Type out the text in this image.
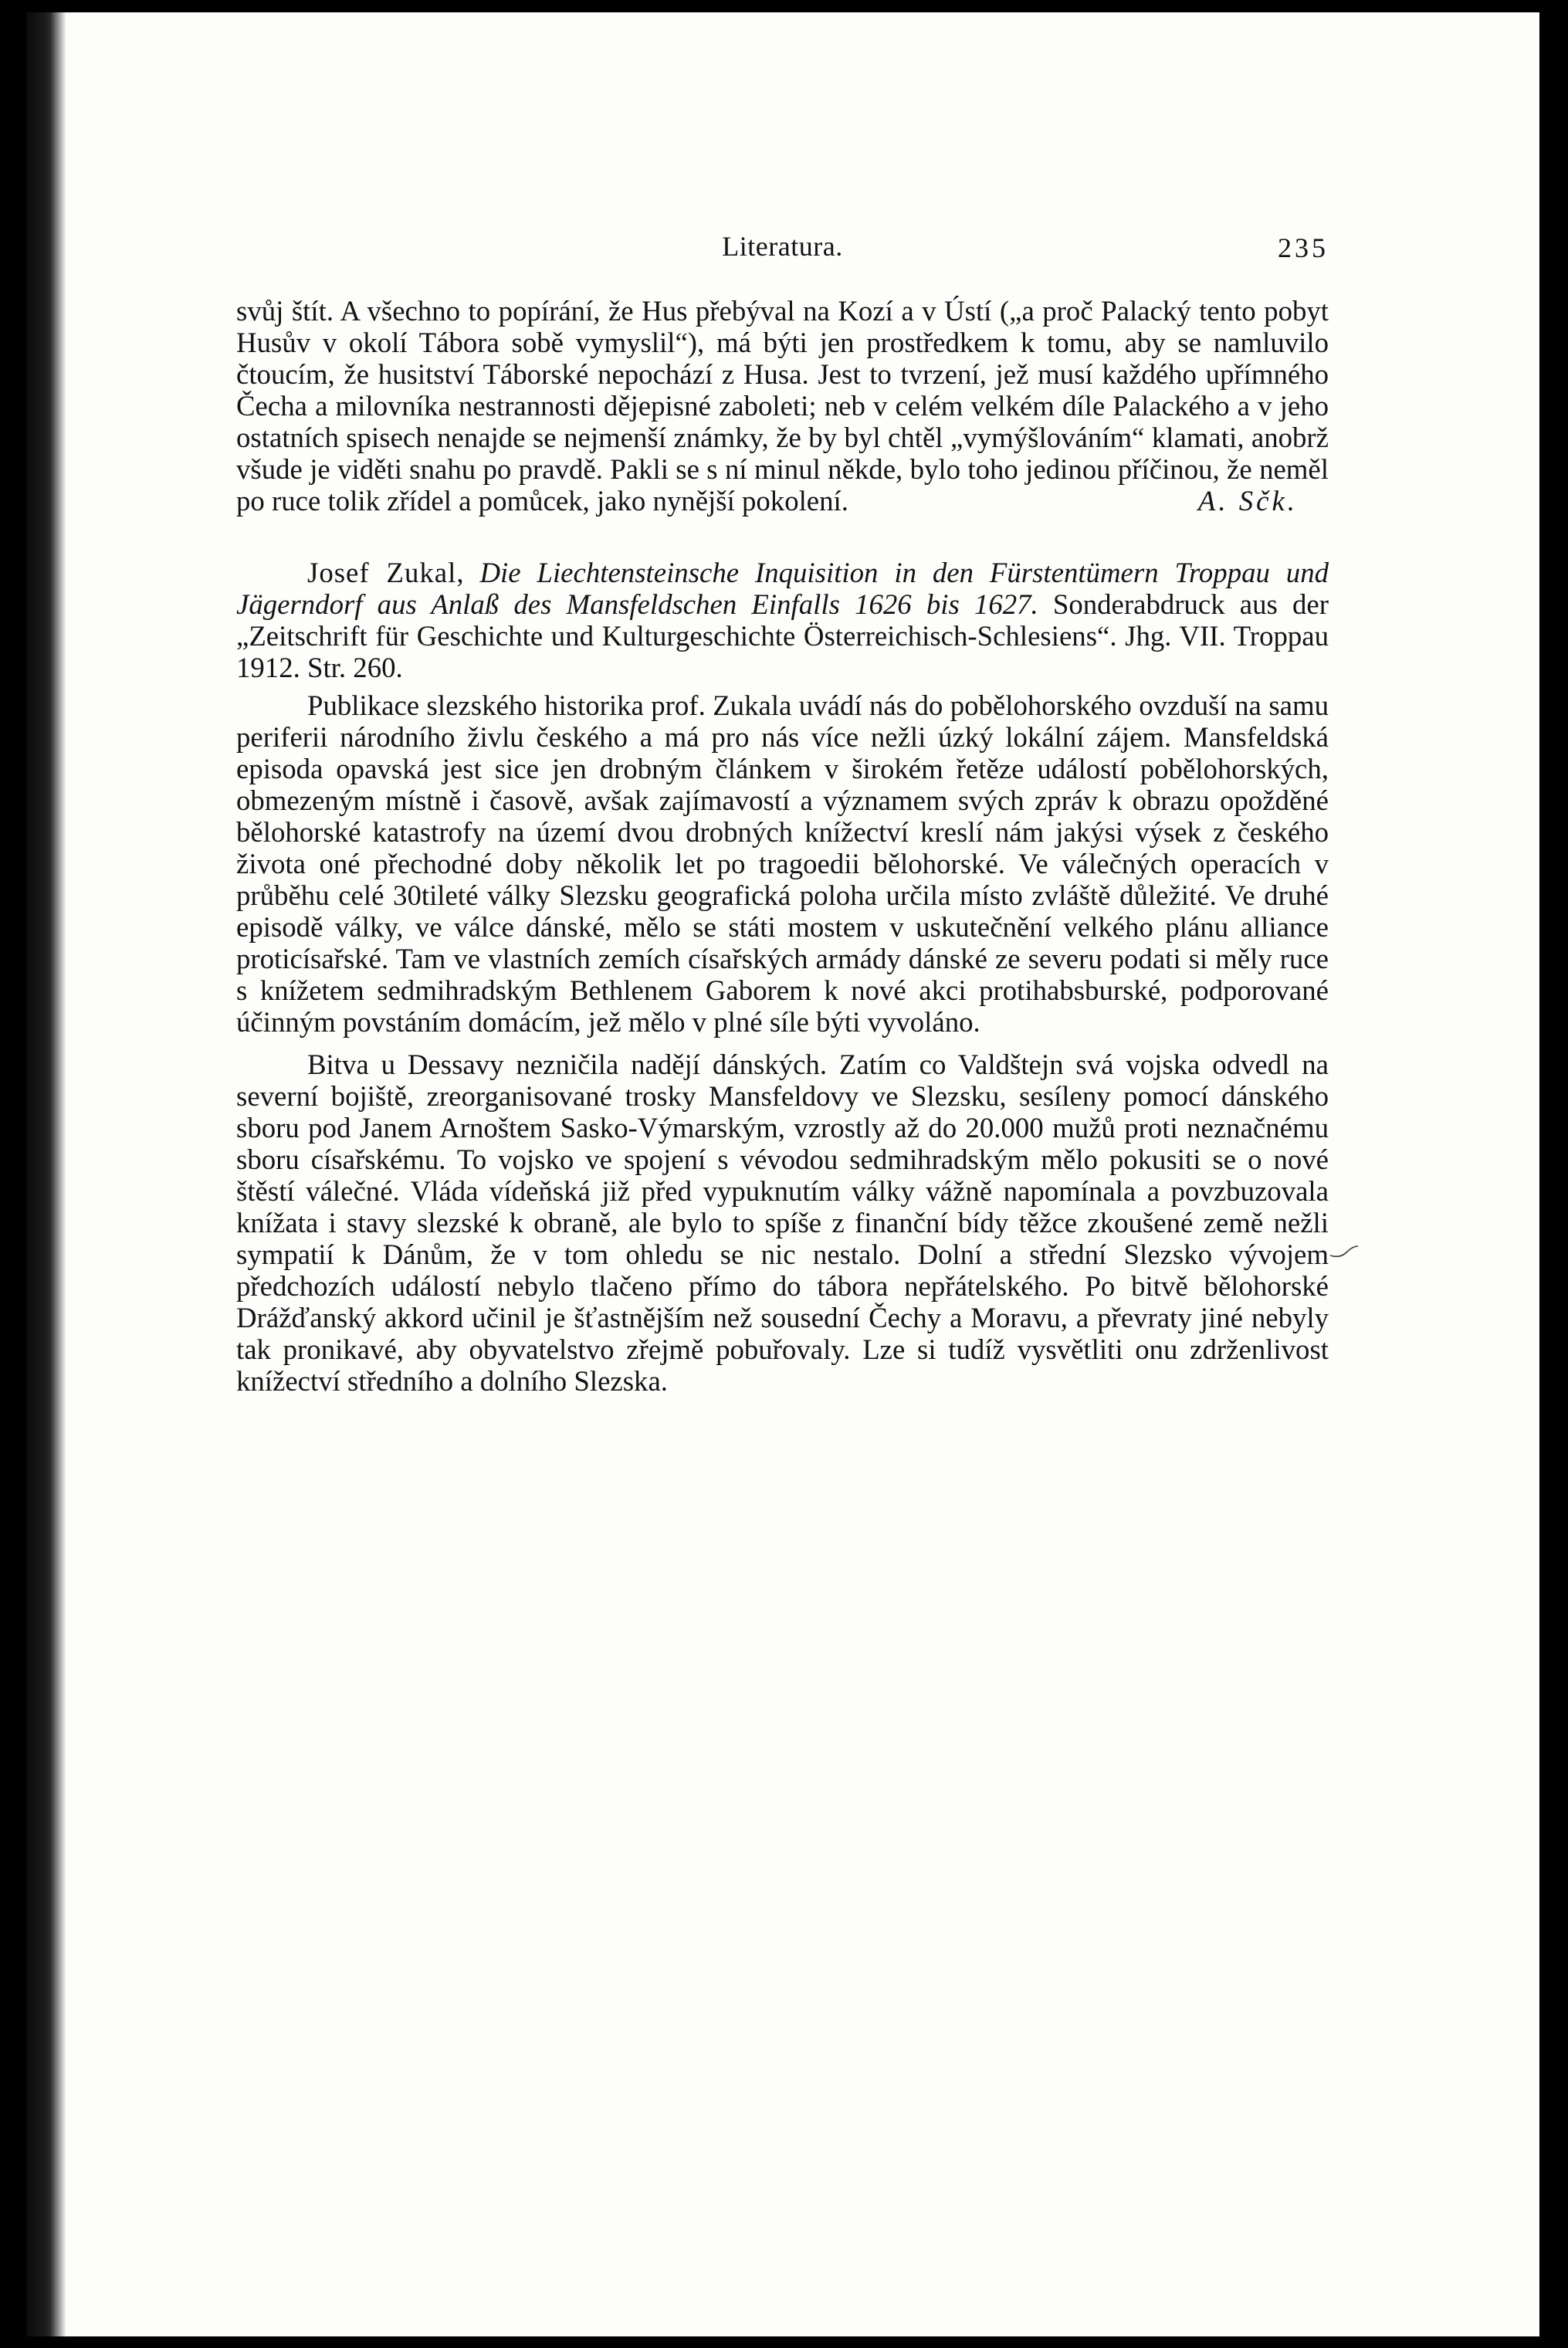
Literatura.	235

svůj štít. A všechno to popírání, že Hus přebýval na Kozí a v Ústí („a proč Palacký tento pobyt Husův v okolí Tábora sobě vymyslil“), má býti jen prostředkem k tomu, aby se namluvilo čtoucím, že husitství Táborské nepochází z Husa. Jest to tvrzení, jež musí každého upřímného Čecha a milovníka nestrannosti dějepisné zaboleti; neb v celém velkém díle Palackého a v jeho ostatních spisech nenajde se nejmenší známky, že by byl chtěl „vymýšlováním“ klamati, anobrž všude je viděti snahu po pravdě. Pakli se s ní minul někde, bylo toho jedinou příčinou, že neměl po ruce tolik zřídel a pomůcek, jako nynější pokolení.	A. Sčk.

Josef Zukal, Die Liechtensteinsche Inquisition in den Fürstentümern Troppau und Jägerndorf aus Anlaß des Mansfeldschen Einfalls 1626 bis 1627. Sonderabdruck aus der „Zeitschrift für Geschichte und Kulturgeschichte Österreichisch-Schlesiens“. Jhg. VII. Troppau 1912. Str. 260.

Publikace slezského historika prof. Zukala uvádí nás do pobělohorského ovzduší na samu periferii národního živlu českého a má pro nás více nežli úzký lokální zájem. Mansfeldská episoda opavská jest sice jen drobným článkem v širokém řetěze událostí pobělohorských, obmezeným místně i časově, avšak zajímavostí a významem svých zpráv k obrazu opožděné bělohorské katastrofy na území dvou drobných knížectví kreslí nám jakýsi výsek z českého života oné přechodné doby několik let po tragoedii bělohorské. Ve válečných operacích v průběhu celé 30tileté války Slezsku geografická poloha určila místo zvláště důležité. Ve druhé episodě války, ve válce dánské, mělo se státi mostem v uskutečnění velkého plánu alliance proticísařské. Tam ve vlastních zemích císařských armády dánské ze severu podati si měly ruce s knížetem sedmihradským Bethlenem Gaborem k nové akci protihabsburské, podporované účinným povstáním domácím, jež mělo v plné síle býti vyvoláno.

Bitva u Dessavy nezničila nadějí dánských. Zatím co Valdštejn svá vojska odvedl na severní bojiště, zreorganisované trosky Mansfeldovy ve Slezsku, sesíleny pomocí dánského sboru pod Janem Arnoštem Sasko-Výmarským, vzrostly až do 20.000 mužů proti neznačnému sboru císařskému. To vojsko ve spojení s vévodou sedmihradským mělo pokusiti se o nové štěstí válečné. Vláda vídeňská již před vypuknutím války vážně napomínala a povzbuzovala knížata i stavy slezské k obraně, ale bylo to spíše z finanční bídy těžce zkoušené země nežli sympatií k Dánům, že v tom ohledu se nic nestalo. Dolní a střední Slezsko vývojem předchozích událostí nebylo tlačeno přímo do tábora nepřátelského. Po bitvě bělohorské Drážďanský akkord učinil je šťastnějším než sousední Čechy a Moravu, a převraty jiné nebyly tak pronikavé, aby obyvatelstvo zřejmě pobuřovaly. Lze si tudíž vysvětliti onu zdrženlivost knížectví středního a dolního Slezska.
